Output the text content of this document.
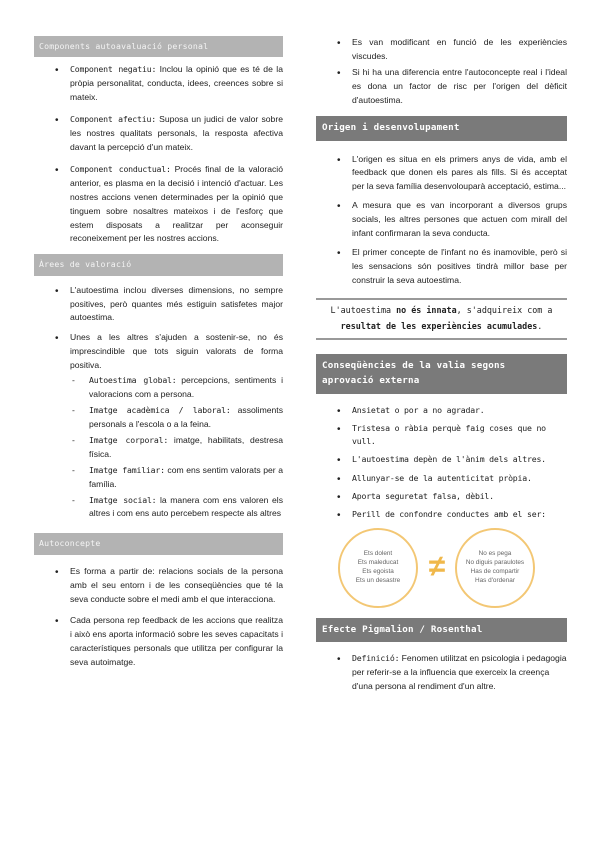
Components autoavaluació personal
• Component negatiu: Inclou la opinió que es té de la pròpia personalitat, conducta, idees, creences sobre si mateix.
• Component afectiu: Suposa un judici de valor sobre les nostres qualitats personals, la resposta afectiva davant la percepció d'un mateix.
• Component conductual: Procés final de la valoració anterior, es plasma en la decisió i intenció d'actuar. Les nostres accions venen determinades per la opinió que tinguem sobre nosaltres mateixos i de l'esforç que estem disposats a realitzar per aconseguir reconeixement per les nostres accions.
Àrees de valoració
• L'autoestima inclou diverses dimensions, no sempre positives, però quantes més estiguin satisfetes major autoestima.
• Unes a les altres s'ajuden a sostenir-se, no és imprescindible que tots siguin valorats de forma positiva.
- Autoestima global: percepcions, sentiments i valoracions com a persona.
- Imatge acadèmica / laboral: assoliments personals a l'escola o a la feina.
- Imatge corporal: imatge, habilitats, destresa física.
- Imatge familiar: com ens sentim valorats per a família.
- Imatge social: la manera com ens valoren els altres i com ens auto percebem respecte als altres
Autoconcepte
• Es forma a partir de: relacions socials de la persona amb el seu entorn i de les conseqüències que té la seva conducte sobre el medi amb el que interacciona.
• Cada persona rep feedback de les accions que realitza i això ens aporta informació sobre les seves capacitats i característiques personals que utilitza per configurar la seva autoimatge.
• Es van modificant en funció de les experiències viscudes.
• Si hi ha una diferencia entre l'autoconcepte real i l'ideal es dona un factor de risc per l'origen del dèficit d'autoestima.
Origen i desenvolupament
• L'origen es situa en els primers anys de vida, amb el feedback que donen els pares als fills. Si és acceptat per la seva família desenvolouparà acceptació, estima...
• A mesura que es van incorporant a diversos grups socials, les altres persones que actuen com mirall del infant confirmaran la seva conducta.
• El primer concepte de l'infant no és inamovible, però si les sensacions són positives tindrà millor base per construir la seva autoestima.
L'autoestima no és innata, s'adquireix com a resultat de les experiències acumulades.
Conseqüències de la valia segons aprovació externa
• Ansietat o por a no agradar.
• Tristesa o ràbia perquè faig coses que no vull.
• L'autoestima depèn de l'ànim dels altres.
• Allunyar-se de la autenticitat pròpia.
• Aporta seguretat falsa, dèbil.
• Perill de confondre conductes amb el ser:
Ets dolent
Ets maleducat
Ets egoista
Ets un desastre ≠	No es pega
No diguis paraulotes
Has de compartir
Has d'ordenar
Efecte Pigmalion / Rosenthal
• Definició: Fenomen utilitzat en psicologia i pedagogia per referir-se a la influencia que exerceix la creença d'una persona al rendiment d'un altre.
